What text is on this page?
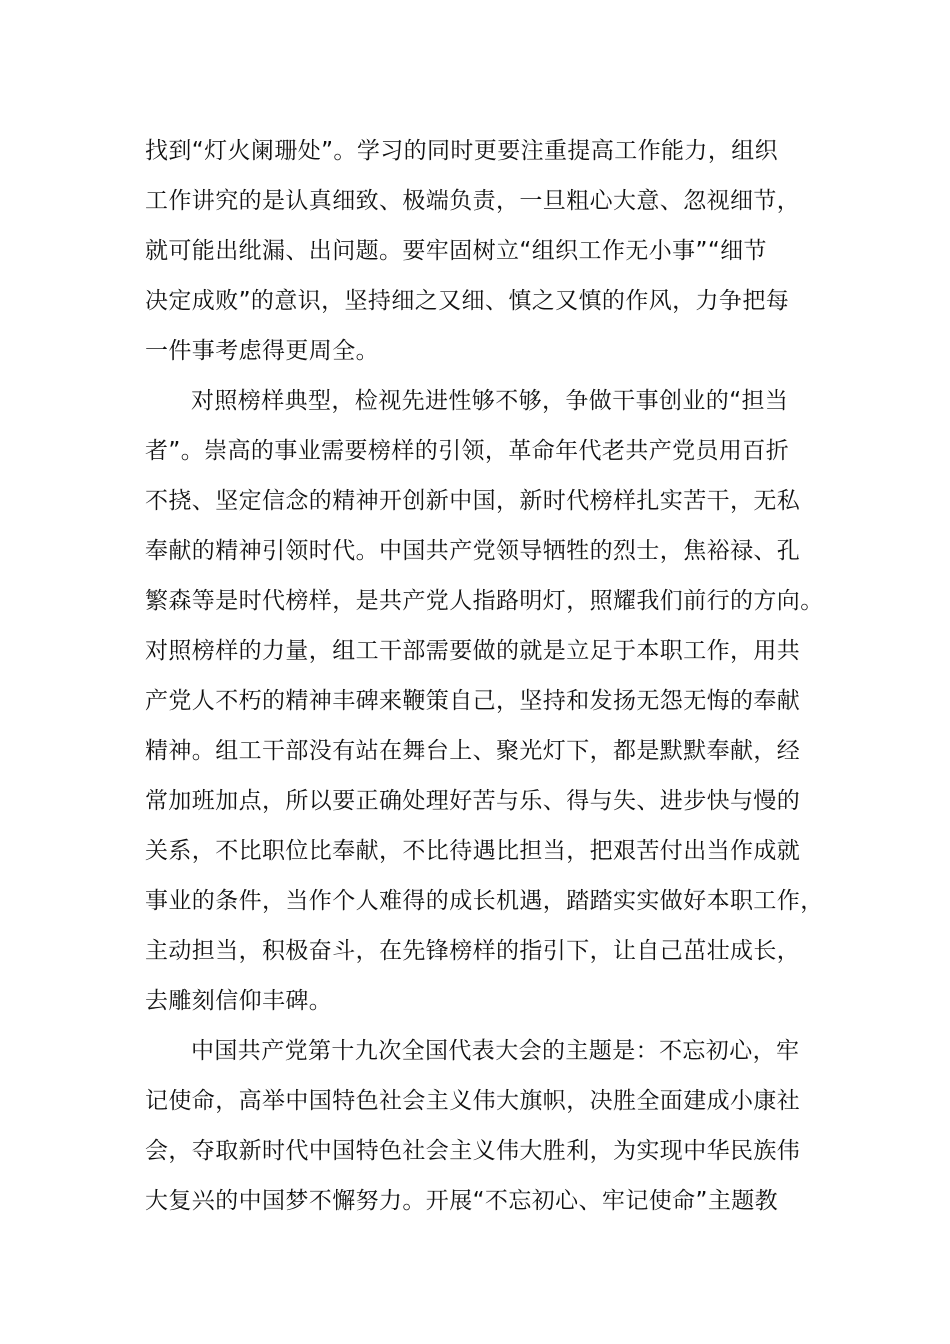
找到“灯火阑珊处”。学习的同时更要注重提高工作能力，组织
工作讲究的是认真细致、极端负责，一旦粗心大意、忽视细节，
就可能出纰漏、出问题。要牢固树立“组织工作无小事”“细节
决定成败”的意识，坚持细之又细、慎之又慎的作风，力争把每
一件事考虑得更周全。
对照榜样典型，检视先进性够不够，争做干事创业的“担当
者”。崇高的事业需要榜样的引领，革命年代老共产党员用百折
不挠、坚定信念的精神开创新中国，新时代榜样扎实苦干，无私
奉献的精神引领时代。中国共产党领导牺牲的烈士，焦裕禄、孔
繁森等是时代榜样，是共产党人指路明灯，照耀我们前行的方向。
对照榜样的力量，组工干部需要做的就是立足于本职工作，用共
产党人不朽的精神丰碑来鞭策自己，坚持和发扬无怨无悔的奉献
精神。组工干部没有站在舞台上、聚光灯下，都是默默奉献，经
常加班加点，所以要正确处理好苦与乐、得与失、进步快与慢的
关系，不比职位比奉献，不比待遇比担当，把艰苦付出当作成就
事业的条件，当作个人难得的成长机遇，踏踏实实做好本职工作，
主动担当，积极奋斗，在先锋榜样的指引下，让自己茁壮成长，
去雕刻信仰丰碑。
中国共产党第十九次全国代表大会的主题是：不忘初心，牢
记使命，高举中国特色社会主义伟大旗帜，决胜全面建成小康社
会，夺取新时代中国特色社会主义伟大胜利，为实现中华民族伟
大复兴的中国梦不懈努力。开展“不忘初心、牢记使命”主题教
